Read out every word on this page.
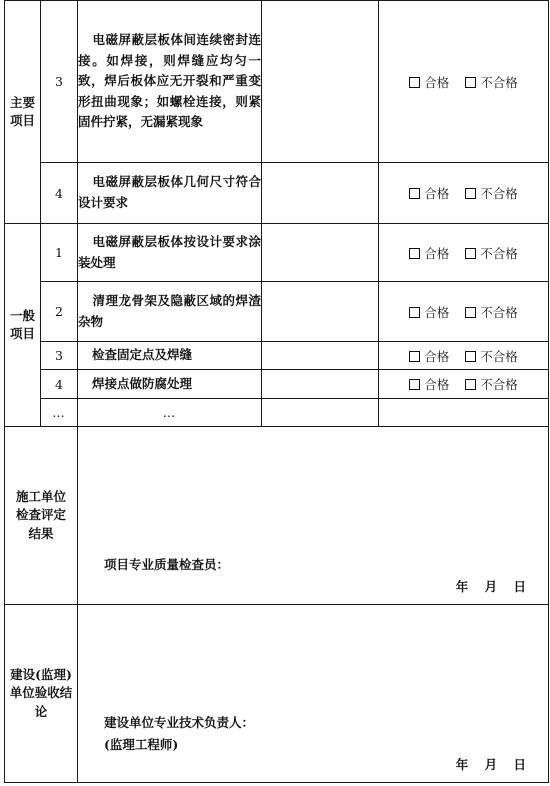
主要
项目	3	电磁屏蔽层板体间连续密封连接。如焊接，则焊缝应均匀一致，焊后板体应无开裂和严重变形扭曲现象；如螺栓连接，则紧固件拧紧，无漏紧现象		合格 不合格
	4	电磁屏蔽层板体几何尺寸符合设计要求		合格 不合格

一般
项目	1	电磁屏蔽层板体按设计要求涂装处理		合格 不合格
	2	清理龙骨架及隐蔽区域的焊渣杂物		合格 不合格
	3	检查固定点及焊缝		合格 不合格
	4	焊接点做防腐处理		合格 不合格
	…	…		

施工单位检查评定结果		项目专业质量检查员：
年 月 日		

建设(监理)单位验收结论		建设单位专业技术负责人：
(监理工程师)
年 月 日		
